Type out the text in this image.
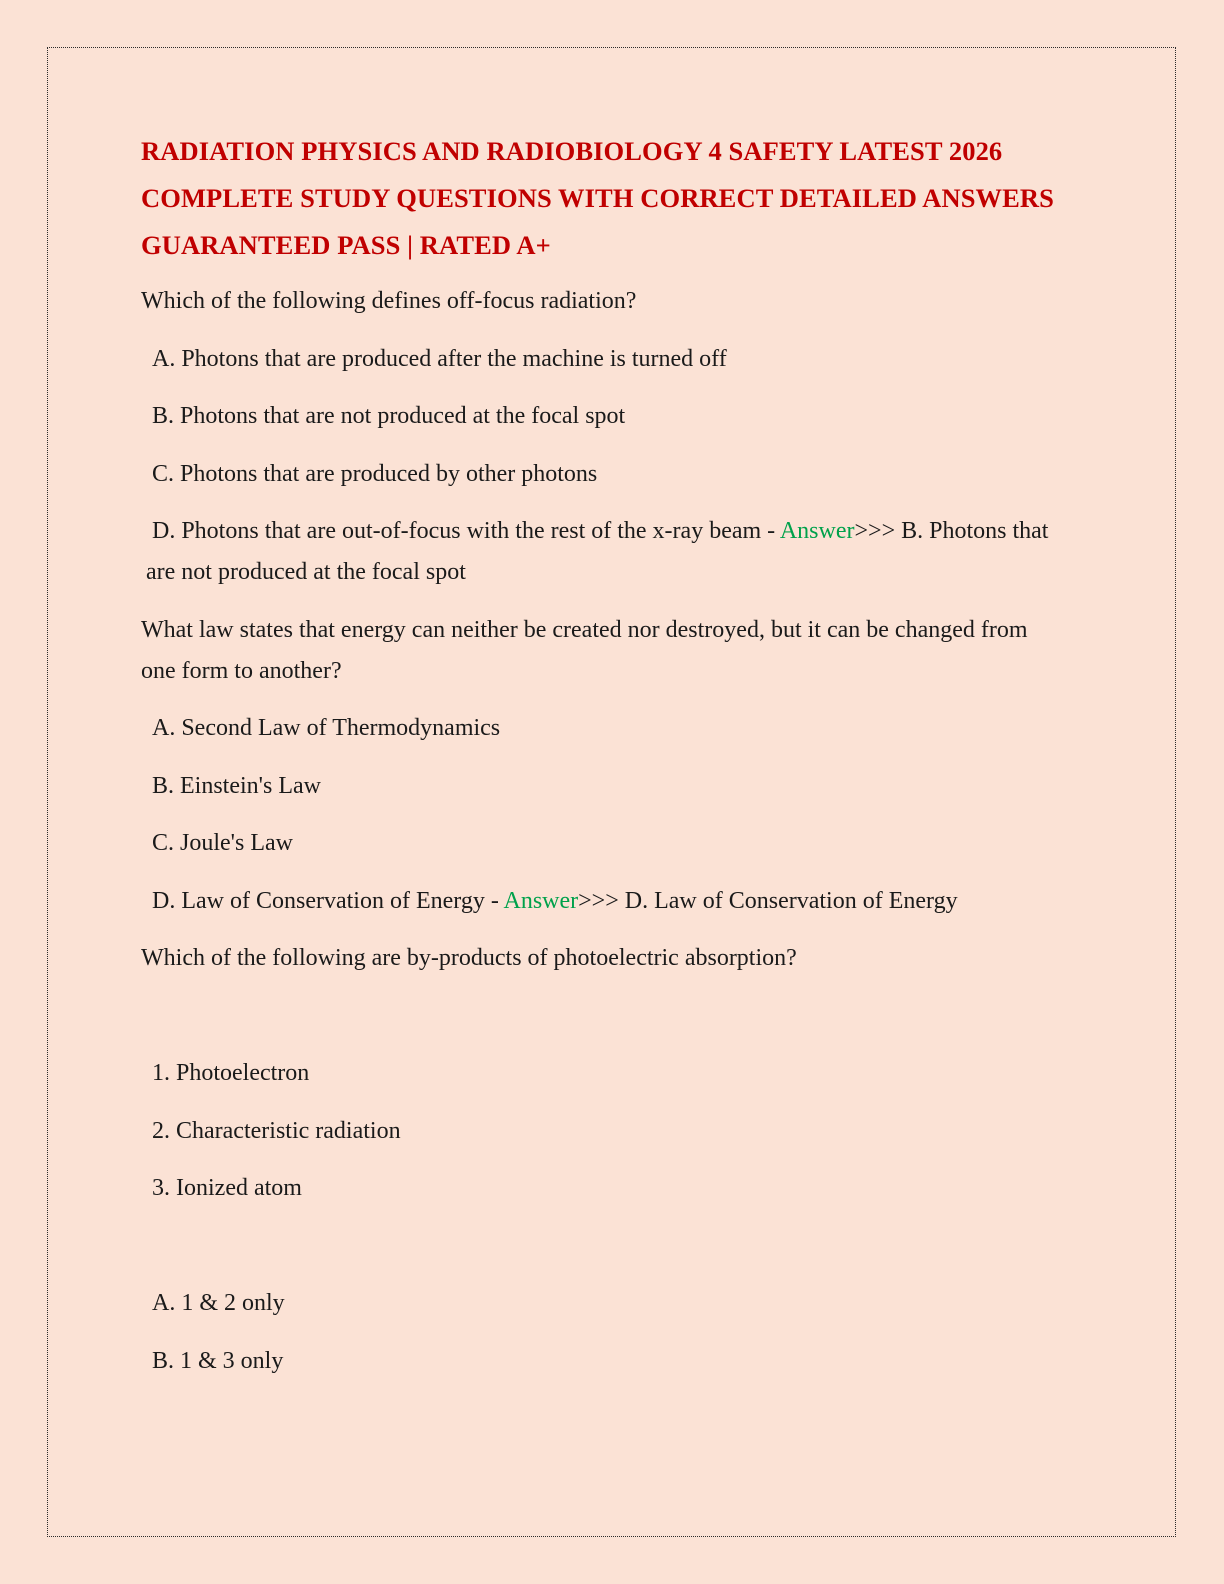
RADIATION PHYSICS AND RADIOBIOLOGY 4 SAFETY LATEST 2026 COMPLETE STUDY QUESTIONS WITH CORRECT DETAILED ANSWERS GUARANTEED PASS | RATED A+

Which of the following defines off-focus radiation?

A. Photons that are produced after the machine is turned off

B. Photons that are not produced at the focal spot

C. Photons that are produced by other photons

D. Photons that are out-of-focus with the rest of the x-ray beam - Answer>>> B. Photons that are not produced at the focal spot

What law states that energy can neither be created nor destroyed, but it can be changed from one form to another?

A. Second Law of Thermodynamics

B. Einstein's Law

C. Joule's Law

D. Law of Conservation of Energy - Answer>>> D. Law of Conservation of Energy

Which of the following are by-products of photoelectric absorption?

1. Photoelectron

2. Characteristic radiation

3. Ionized atom

A. 1 & 2 only

B. 1 & 3 only
